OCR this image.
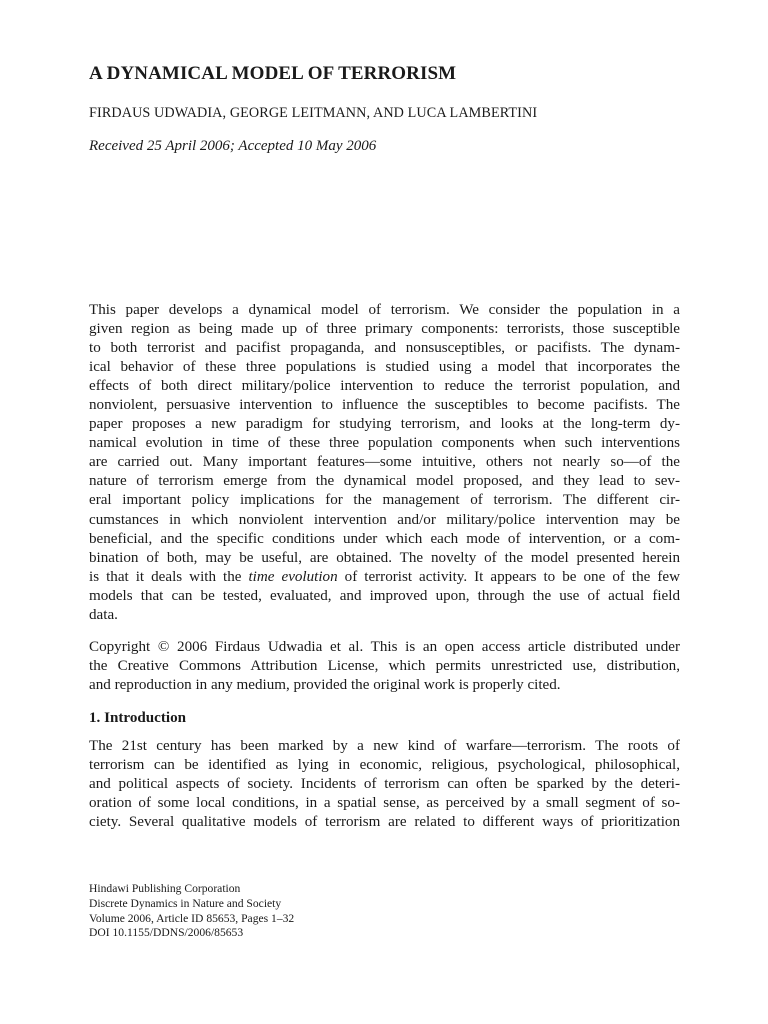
A DYNAMICAL MODEL OF TERRORISM
FIRDAUS UDWADIA, GEORGE LEITMANN, AND LUCA LAMBERTINI
Received 25 April 2006; Accepted 10 May 2006
This paper develops a dynamical model of terrorism. We consider the population in a
given region as being made up of three primary components: terrorists, those susceptible
to both terrorist and pacifist propaganda, and nonsusceptibles, or pacifists. The dynam-
ical behavior of these three populations is studied using a model that incorporates the
effects of both direct military/police intervention to reduce the terrorist population, and
nonviolent, persuasive intervention to influence the susceptibles to become pacifists. The
paper proposes a new paradigm for studying terrorism, and looks at the long-term dy-
namical evolution in time of these three population components when such interventions
are carried out. Many important features—some intuitive, others not nearly so—of the
nature of terrorism emerge from the dynamical model proposed, and they lead to sev-
eral important policy implications for the management of terrorism. The different cir-
cumstances in which nonviolent intervention and/or military/police intervention may be
beneficial, and the specific conditions under which each mode of intervention, or a com-
bination of both, may be useful, are obtained. The novelty of the model presented herein
is that it deals with the time evolution of terrorist activity. It appears to be one of the few
models that can be tested, evaluated, and improved upon, through the use of actual field
data.
Copyright © 2006 Firdaus Udwadia et al. This is an open access article distributed under
the Creative Commons Attribution License, which permits unrestricted use, distribution,
and reproduction in any medium, provided the original work is properly cited.
1. Introduction
The 21st century has been marked by a new kind of warfare—terrorism. The roots of
terrorism can be identified as lying in economic, religious, psychological, philosophical,
and political aspects of society. Incidents of terrorism can often be sparked by the deteri-
oration of some local conditions, in a spatial sense, as perceived by a small segment of so-
ciety. Several qualitative models of terrorism are related to different ways of prioritization
Hindawi Publishing Corporation
Discrete Dynamics in Nature and Society
Volume 2006, Article ID 85653, Pages 1–32
DOI 10.1155/DDNS/2006/85653
